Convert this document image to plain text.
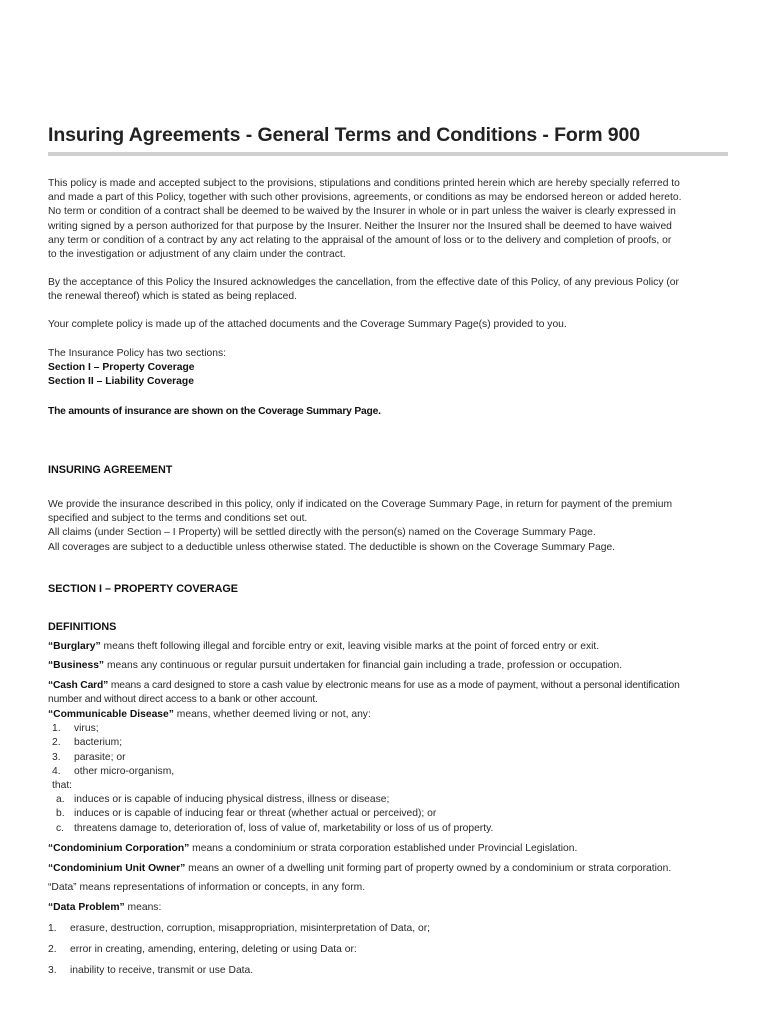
Insuring Agreements - General Terms and Conditions - Form 900

This policy is made and accepted subject to the provisions, stipulations and conditions printed herein which are hereby specially referred to

and made a part of this Policy, together with such other provisions, agreements, or conditions as may be endorsed hereon or added hereto.

No term or condition of a contract shall be deemed to be waived by the Insurer in whole or in part unless the waiver is clearly expressed in

writing signed by a person authorized for that purpose by the Insurer. Neither the Insurer nor the Insured shall be deemed to have waived

any term or condition of a contract by any act relating to the appraisal of the amount of loss or to the delivery and completion of proofs, or

to the investigation or adjustment of any claim under the contract.

By the acceptance of this Policy the Insured acknowledges the cancellation, from the effective date of this Policy, of any previous Policy (or

the renewal thereof) which is stated as being replaced.

Your complete policy is made up of the attached documents and the Coverage Summary Page(s) provided to you.

The Insurance Policy has two sections:

Section I – Property Coverage

Section II – Liability Coverage

The amounts of insurance are shown on the Coverage Summary Page.

INSURING AGREEMENT

We provide the insurance described in this policy, only if indicated on the Coverage Summary Page, in return for payment of the premium

specified and subject to the terms and conditions set out.

All claims (under Section – I Property) will be settled directly with the person(s) named on the Coverage Summary Page.

All coverages are subject to a deductible unless otherwise stated. The deductible is shown on the Coverage Summary Page.

SECTION I – PROPERTY COVERAGE

DEFINITIONS

“Burglary” means theft following illegal and forcible entry or exit, leaving visible marks at the point of forced entry or exit.

“Business” means any continuous or regular pursuit undertaken for financial gain including a trade, profession or occupation.

“Cash Card” means a card designed to store a cash value by electronic means for use as a mode of payment, without a personal identification

number and without direct access to a bank or other account.

“Communicable Disease” means, whether deemed living or not, any:

1. virus;

2. bacterium;

3. parasite; or

4. other micro-organism,

that:

a. induces or is capable of inducing physical distress, illness or disease;

b. induces or is capable of inducing fear or threat (whether actual or perceived); or

c. threatens damage to, deterioration of, loss of value of, marketability or loss of us of property.

“Condominium Corporation” means a condominium or strata corporation established under Provincial Legislation.

“Condominium Unit Owner” means an owner of a dwelling unit forming part of property owned by a condominium or strata corporation.

“Data” means representations of information or concepts, in any form.

“Data Problem” means:

1. erasure, destruction, corruption, misappropriation, misinterpretation of Data, or;

2. error in creating, amending, entering, deleting or using Data or:

3. inability to receive, transmit or use Data.
